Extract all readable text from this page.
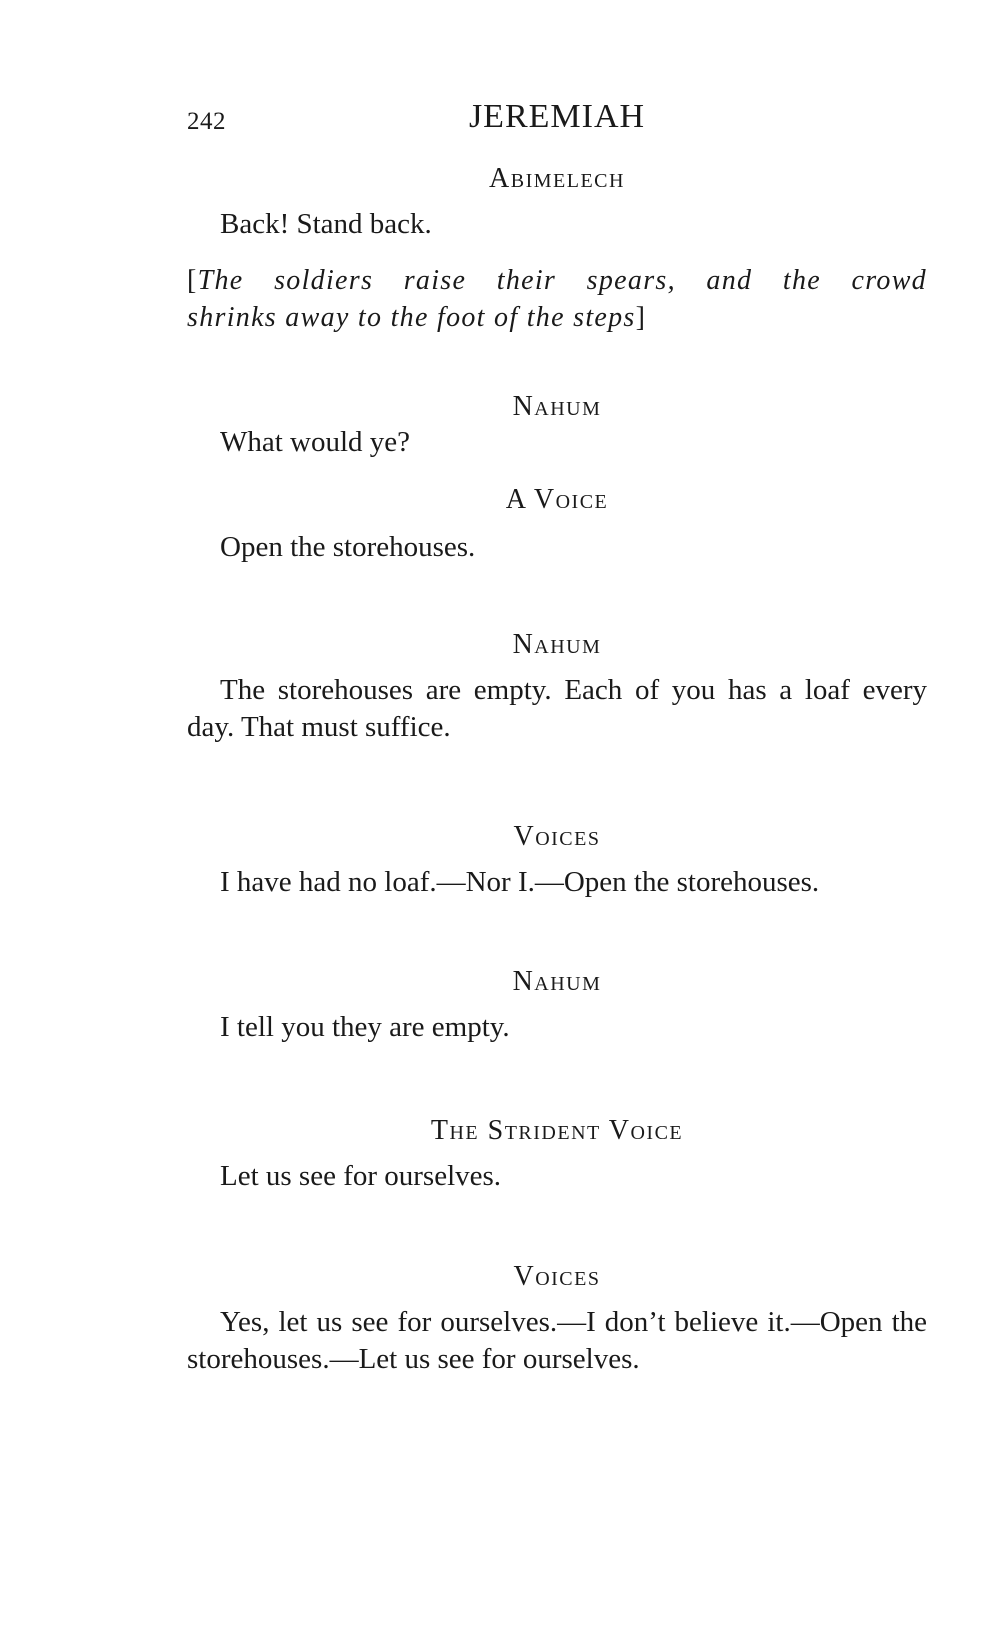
242	JEREMIAH
Abimelech

Back! Stand back.

[The soldiers raise their spears, and the crowd
shrinks away to the foot of the steps]

Nahum

What would ye?

A Voice

Open the storehouses.

Nahum

The storehouses are empty. Each of you has a loaf every day. That must suffice.

Voices

I have had no loaf.—Nor I.—Open the storehouses.

Nahum

I tell you they are empty.

The Strident Voice

Let us see for ourselves.

Voices

Yes, let us see for ourselves.—I don’t believe it.—Open the storehouses.—Let us see for ourselves.
